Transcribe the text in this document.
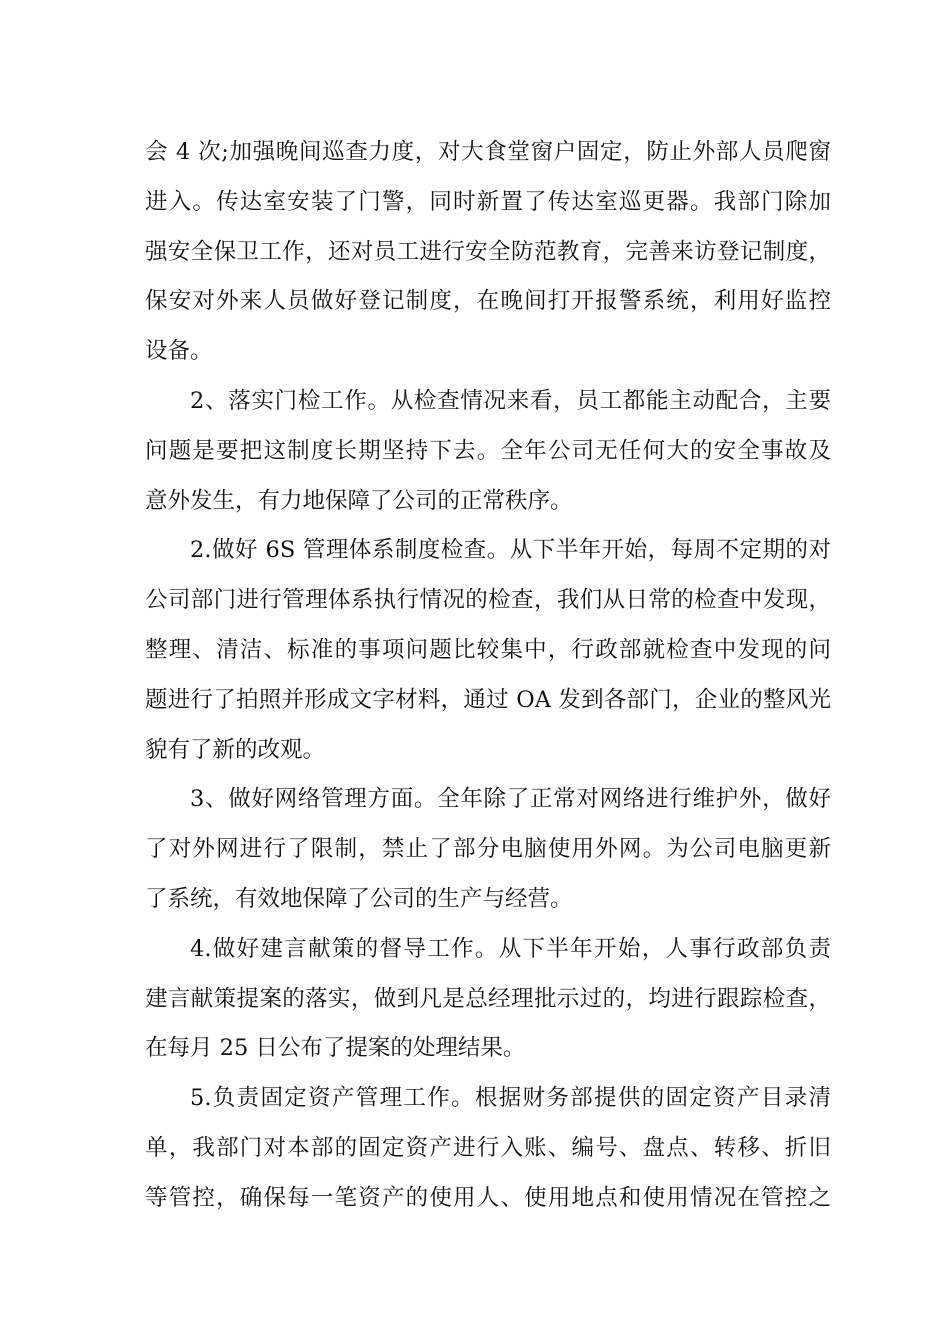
会 4 次;加强晚间巡查力度，对大食堂窗户固定，防止外部人员爬窗
进入。传达室安装了门警，同时新置了传达室巡更器。我部门除加
强安全保卫工作，还对员工进行安全防范教育，完善来访登记制度，
保安对外来人员做好登记制度，在晚间打开报警系统，利用好监控
设备。
2、落实门检工作。从检查情况来看，员工都能主动配合，主要
问题是要把这制度长期坚持下去。全年公司无任何大的安全事故及
意外发生，有力地保障了公司的正常秩序。
2.做好 6S 管理体系制度检查。从下半年开始，每周不定期的对
公司部门进行管理体系执行情况的检查，我们从日常的检查中发现，
整理、清洁、标准的事项问题比较集中，行政部就检查中发现的问
题进行了拍照并形成文字材料，通过 OA 发到各部门，企业的整风光
貌有了新的改观。
3、做好网络管理方面。全年除了正常对网络进行维护外，做好
了对外网进行了限制，禁止了部分电脑使用外网。为公司电脑更新
了系统，有效地保障了公司的生产与经营。
4.做好建言献策的督导工作。从下半年开始，人事行政部负责
建言献策提案的落实，做到凡是总经理批示过的，均进行跟踪检查，
在每月 25 日公布了提案的处理结果。
5.负责固定资产管理工作。根据财务部提供的固定资产目录清
单，我部门对本部的固定资产进行入账、编号、盘点、转移、折旧
等管控，确保每一笔资产的使用人、使用地点和使用情况在管控之
